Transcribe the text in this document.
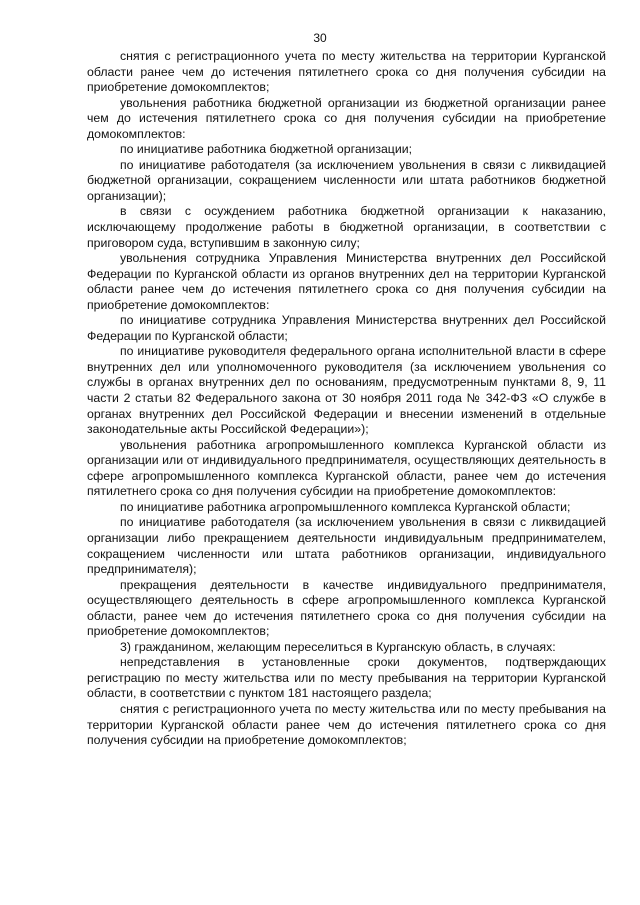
30

снятия с регистрационного учета по месту жительства на территории Курганской области ранее чем до истечения пятилетнего срока со дня получения субсидии на приобретение домокомплектов;

увольнения работника бюджетной организации из бюджетной организации ранее чем до истечения пятилетнего срока со дня получения субсидии на приобретение домокомплектов:

по инициативе работника бюджетной организации;

по инициативе работодателя (за исключением увольнения в связи с ликвидацией бюджетной организации, сокращением численности или штата работников бюджетной организации);

в связи с осуждением работника бюджетной организации к наказанию, исключающему продолжение работы в бюджетной организации, в соответствии с приговором суда, вступившим в законную силу;

увольнения сотрудника Управления Министерства внутренних дел Российской Федерации по Курганской области из органов внутренних дел на территории Курганской области ранее чем до истечения пятилетнего срока со дня получения субсидии на приобретение домокомплектов:

по инициативе сотрудника Управления Министерства внутренних дел Российской Федерации по Курганской области;

по инициативе руководителя федерального органа исполнительной власти в сфере внутренних дел или уполномоченного руководителя (за исключением увольнения со службы в органах внутренних дел по основаниям, предусмотренным пунктами 8, 9, 11 части 2 статьи 82 Федерального закона от 30 ноября 2011 года № 342-ФЗ «О службе в органах внутренних дел Российской Федерации и внесении изменений в отдельные законодательные акты Российской Федерации»);

увольнения работника агропромышленного комплекса Курганской области из организации или от индивидуального предпринимателя, осуществляющих деятельность в сфере агропромышленного комплекса Курганской области, ранее чем до истечения пятилетнего срока со дня получения субсидии на приобретение домокомплектов:

по инициативе работника агропромышленного комплекса Курганской области;

по инициативе работодателя (за исключением увольнения в связи с ликвидацией организации либо прекращением деятельности индивидуальным предпринимателем, сокращением численности или штата работников организации, индивидуального предпринимателя);

прекращения деятельности в качестве индивидуального предпринимателя, осуществляющего деятельность в сфере агропромышленного комплекса Курганской области, ранее чем до истечения пятилетнего срока со дня получения субсидии на приобретение домокомплектов;

3) гражданином, желающим переселиться в Курганскую область, в случаях:

непредставления в установленные сроки документов, подтверждающих регистрацию по месту жительства или по месту пребывания на территории Курганской области, в соответствии с пунктом 181 настоящего раздела;

снятия с регистрационного учета по месту жительства или по месту пребывания на территории Курганской области ранее чем до истечения пятилетнего срока со дня получения субсидии на приобретение домокомплектов;
